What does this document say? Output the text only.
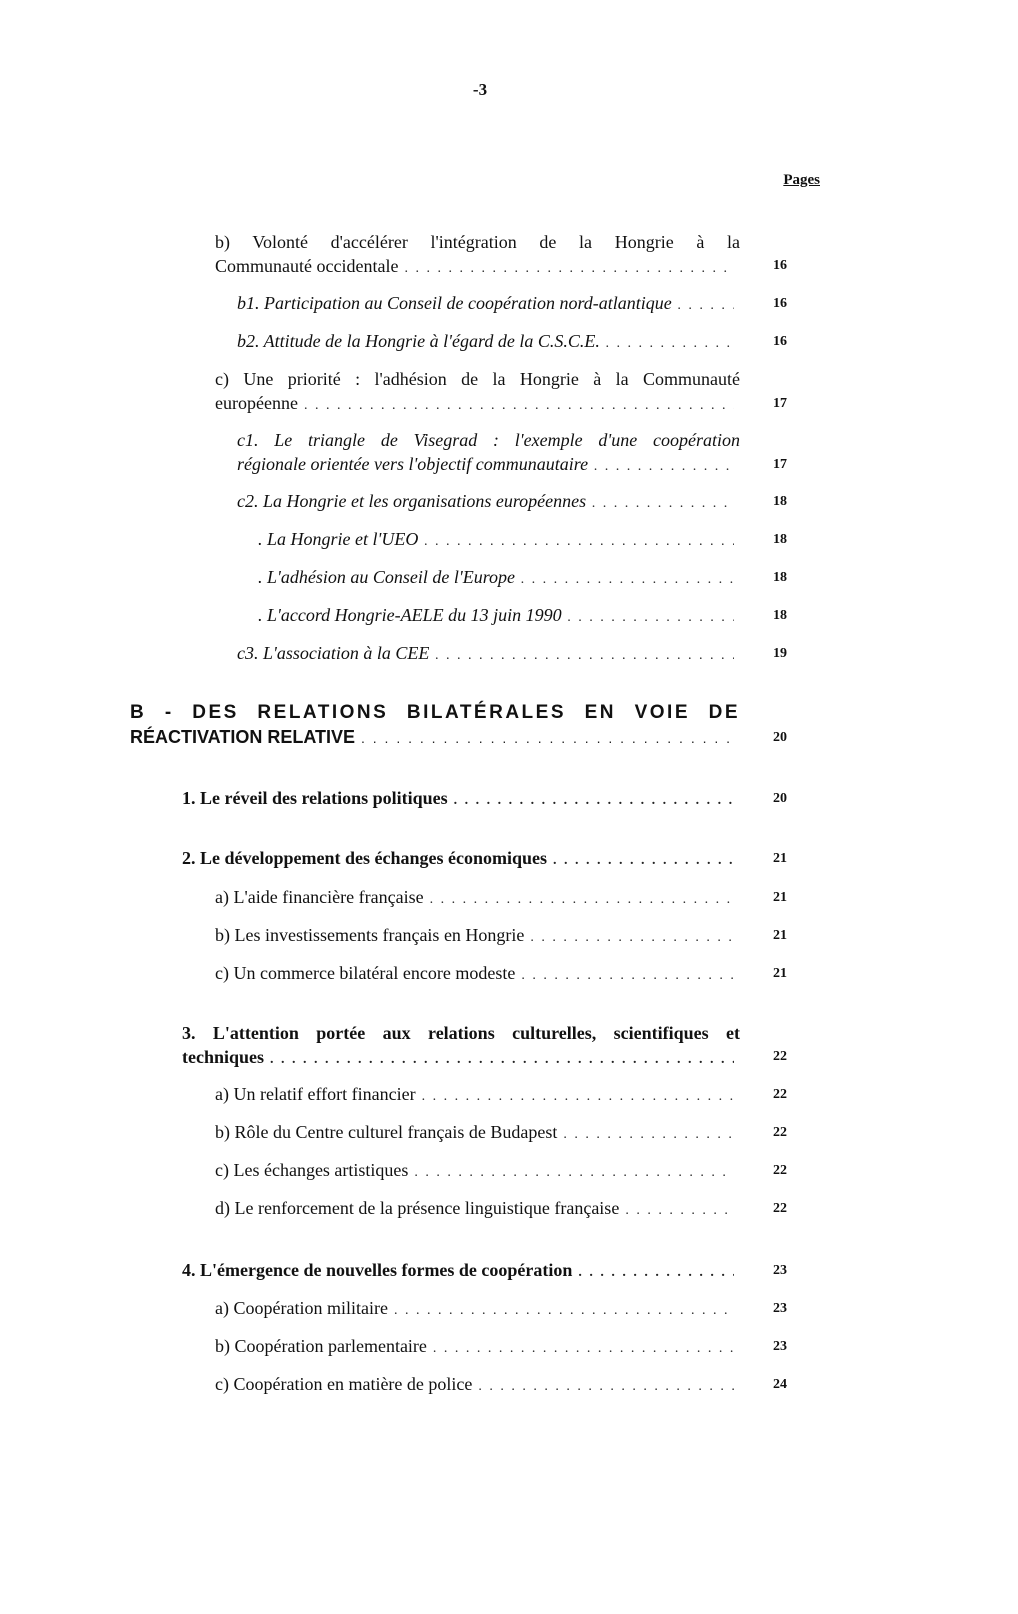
-3
Pages
b) Volonté d'accélérer l'intégration de la Hongrie à la
Communauté occidentale . . .	16
b1. Participation au Conseil de coopération nord-atlantique . . .	16
b2. Attitude de la Hongrie à l'égard de la C.S.C.E. . . .	16
c) Une priorité : l'adhésion de la Hongrie à la Communauté
européenne . . .	17
c1. Le triangle de Visegrad : l'exemple d'une coopération
régionale orientée vers l'objectif communautaire . . .	17
c2. La Hongrie et les organisations européennes . . .	18
. La Hongrie et l'UEO . . .	18
. L'adhésion au Conseil de l'Europe . . .	18
. L'accord Hongrie-AELE du 13 juin 1990 . . .	18
c3. L'association à la CEE . . .	19
B - DES RELATIONS BILATÉRALES EN VOIE DE
RÉACTIVATION RELATIVE . . .	20
1. Le réveil des relations politiques . . .	20
2. Le développement des échanges économiques . . .	21
a) L'aide financière française . . .	21
b) Les investissements français en Hongrie . . .	21
c) Un commerce bilatéral encore modeste . . .	21
3. L'attention portée aux relations culturelles, scientifiques et
techniques . . .	22
a) Un relatif effort financier . . .	22
b) Rôle du Centre culturel français de Budapest . . .	22
c) Les échanges artistiques . . .	22
d) Le renforcement de la présence linguistique française . . .	22
4. L'émergence de nouvelles formes de coopération . . .	23
a) Coopération militaire . . .	23
b) Coopération parlementaire . . .	23
c) Coopération en matière de police . . .	24
